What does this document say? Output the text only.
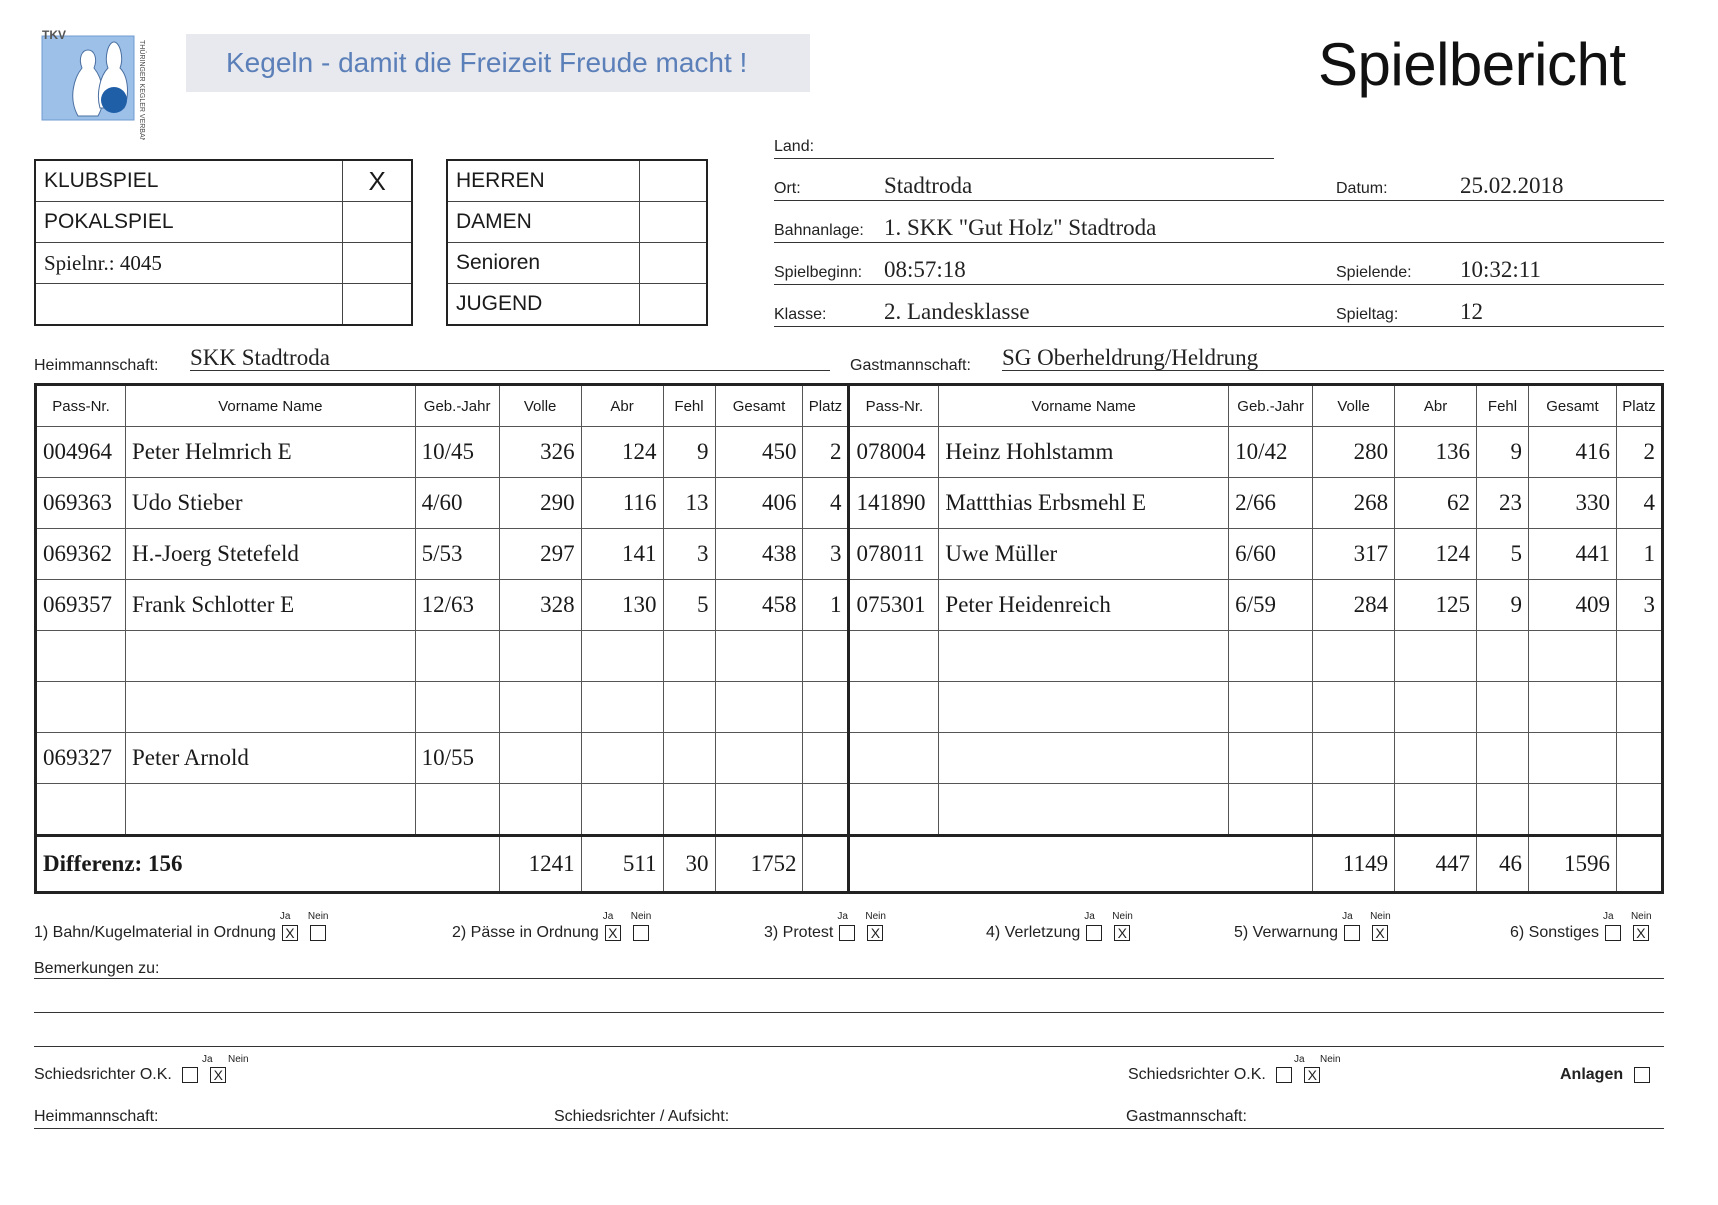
THÜRINGER KEGLER VERBAND e.V.
TKV
Kegeln - damit die Freizeit Freude macht !	Spielbericht
KLUBSPIEL	X
POKALSPIEL	
Spielnr.: 4045	

HERREN	
DAMEN	
Senioren	
JUGEND	
Land:
Ort:	Stadtroda	Datum:	25.02.2018
Bahnanlage: 1. SKK "Gut Holz" Stadtroda
Spielbeginn: 08:57:18	Spielende: 10:32:11
Klasse:	2. Landesklasse	Spieltag:	12
Heimmannschaft: SKK Stadtroda	Gastmannschaft: SG Oberheldrung/Heldrung
Pass-Nr.	Vorname Name	Geb.-Jahr	Volle	Abr	Fehl	Gesamt	Platz	Pass-Nr.	Vorname Name	Geb.-Jahr	Volle	Abr	Fehl	Gesamt	Platz
004964	Peter Helmrich E	10/45	326	124	9	450	2	078004	Heinz Hohlstamm	10/42	280	136	9	416	2
069363	Udo Stieber	4/60	290	116	13	406	4	141890	Mattthias Erbsmehl E	2/66	268	62	23	330	4
069362	H.-Joerg Stetefeld	5/53	297	141	3	438	3	078011	Uwe Müller	6/60	317	124	5	441	1
069357	Frank Schlotter E	12/63	328	130	5	458	1	075301	Peter Heidenreich	6/59	284	125	9	409	3

069327	Peter Arnold	10/55													

Differenz: 156			1241	511	30	1752					1149	447	46	1596	
1) Bahn/Kugelmaterial in Ordnung X	2) Pässe in Ordnung X	3) Protest	X	4) Verletzung	X	5) Verwarnung	X	6) Sonstiges	X
Bemerkungen zu:
Schiedsrichter O.K.	X
Ja Nein
Schiedsrichter O.K.	X
Ja Nein
Anlagen
Heimmannschaft:	Schiedsrichter / Aufsicht:	Gastmannschaft:
Ja Nein	Ja Nein	Ja Nein	Ja Nein	Ja Nein	Ja Nein
